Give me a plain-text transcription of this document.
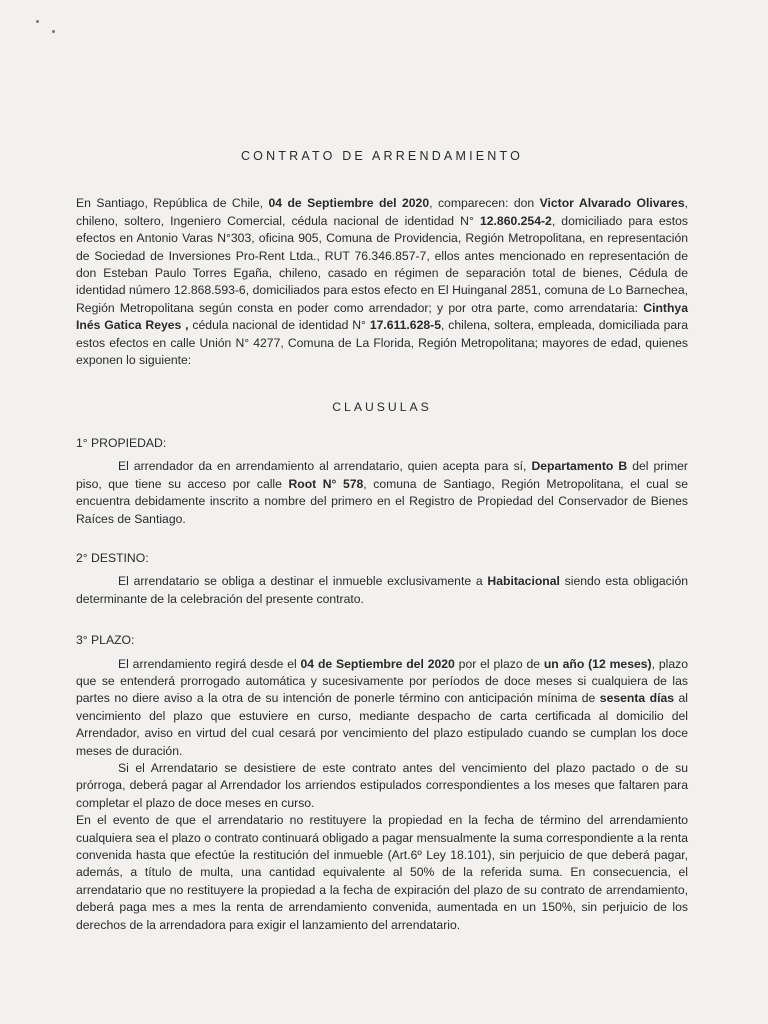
CONTRATO DE ARRENDAMIENTO

En Santiago, República de Chile, 04 de Septiembre del 2020, comparecen: don Victor Alvarado Olivares, chileno, soltero, Ingeniero Comercial, cédula nacional de identidad N° 12.860.254-2, domiciliado para estos efectos en Antonio Varas N°303, oficina 905, Comuna de Providencia, Región Metropolitana, en representación de Sociedad de Inversiones Pro-Rent Ltda., RUT 76.346.857-7, ellos antes mencionado en representación de don Esteban Paulo Torres Egaña, chileno, casado en régimen de separación total de bienes, Cédula de identidad número 12.868.593-6, domiciliados para estos efecto en El Huinganal 2851, comuna de Lo Barnechea, Región Metropolitana según consta en poder como arrendador; y por otra parte, como arrendataria: Cinthya Inés Gatica Reyes , cédula nacional de identidad N° 17.611.628-5, chilena, soltera, empleada, domiciliada para estos efectos en calle Unión N° 4277, Comuna de La Florida, Región Metropolitana; mayores de edad, quienes exponen lo siguiente:

CLAUSULAS

1° PROPIEDAD:

El arrendador da en arrendamiento al arrendatario, quien acepta para sí, Departamento B del primer piso, que tiene su acceso por calle Root N° 578, comuna de Santiago, Región Metropolitana, el cual se encuentra debidamente inscrito a nombre del primero en el Registro de Propiedad del Conservador de Bienes Raíces de Santiago.

2° DESTINO:

El arrendatario se obliga a destinar el inmueble exclusivamente a Habitacional siendo esta obligación determinante de la celebración del presente contrato.

3° PLAZO:

El arrendamiento regirá desde el 04 de Septiembre del 2020 por el plazo de un año (12 meses), plazo que se entenderá prorrogado automática y sucesivamente por períodos de doce meses si cualquiera de las partes no diere aviso a la otra de su intención de ponerle término con anticipación mínima de sesenta días al vencimiento del plazo que estuviere en curso, mediante despacho de carta certificada al domicilio del Arrendador, aviso en virtud del cual cesará por vencimiento del plazo estipulado cuando se cumplan los doce meses de duración.

Si el Arrendatario se desistiere de este contrato antes del vencimiento del plazo pactado o de su prórroga, deberá pagar al Arrendador los arriendos estipulados correspondientes a los meses que faltaren para completar el plazo de doce meses en curso.

En el evento de que el arrendatario no restituyere la propiedad en la fecha de término del arrendamiento cualquiera sea el plazo o contrato continuará obligado a pagar mensualmente la suma correspondiente a la renta convenida hasta que efectúe la restitución del inmueble (Art.6º Ley 18.101), sin perjuicio de que deberá pagar, además, a título de multa, una cantidad equivalente al 50% de la referida suma. En consecuencia, el arrendatario que no restituyere la propiedad a la fecha de expiración del plazo de su contrato de arrendamiento, deberá paga mes a mes la renta de arrendamiento convenida, aumentada en un 150%, sin perjuicio de los derechos de la arrendadora para exigir el lanzamiento del arrendatario.
